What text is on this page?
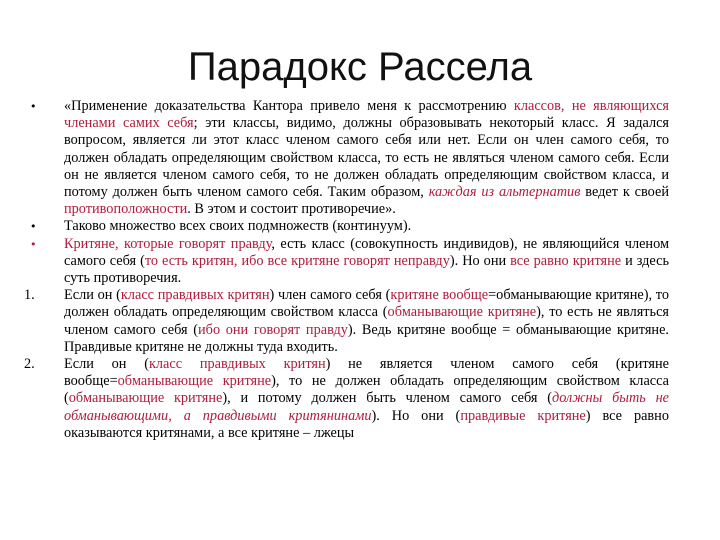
Парадокс Рассела
•	«Применение доказательства Кантора привело меня к рассмотрению классов, не являющихся членами самих себя; эти классы, видимо, должны образовывать некоторый класс. Я задался вопросом, является ли этот класс членом самого себя или нет. Если он член самого себя, то должен обладать определяющим свойством класса, то есть не являться членом самого себя. Если он не является членом самого себя, то не должен обладать определяющим свойством класса, и потому должен быть членом самого себя. Таким образом, каждая из альтернатив ведет к своей противоположности. В этом и состоит противоречие».
•	Таково множество всех своих подмножеств (континуум).
•	Критяне, которые говорят правду, есть класс (совокупность индивидов), не являющийся членом самого себя (то есть критян, ибо все критяне говорят неправду). Но они все равно критяне и здесь суть противоречия.
1.	Если он (класс правдивых критян) член самого себя (критяне вообще=обманывающие критяне), то должен обладать определяющим свойством класса (обманывающие критяне), то есть не являться членом самого себя (ибо они говорят правду). Ведь критяне вообще = обманывающие критяне. Правдивые критяне не должны туда входить.
2.	Если он (класс правдивых критян) не является членом самого себя (критяне вообще=обманывающие критяне), то не должен обладать определяющим свойством класса (обманывающие критяне), и потому должен быть членом самого себя (должны быть не обманывающими, а правдивыми критянинами). Но они (правдивые критяне) все равно оказываются критянами, а все критяне – лжецы
